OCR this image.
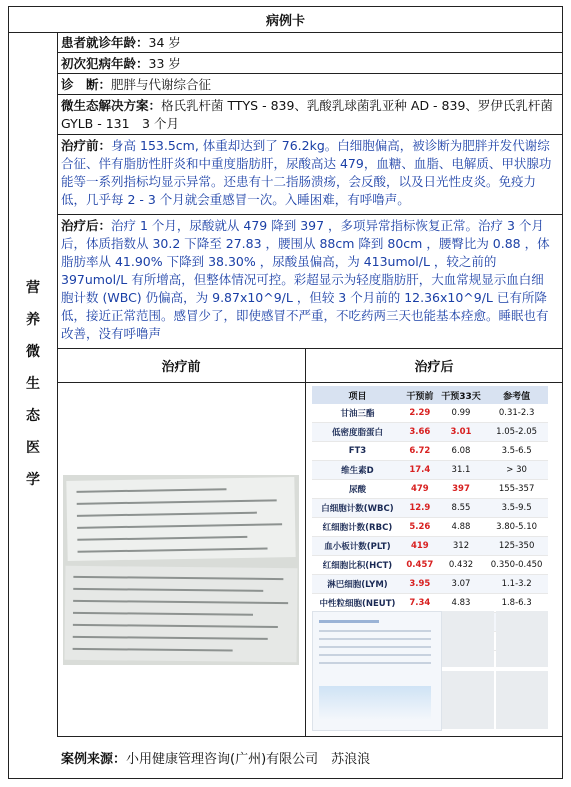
病例卡
营
养
微
生
态
医
学
患者就诊年龄：34 岁
初次犯病年龄：33 岁
诊　断：肥胖与代谢综合征
微生态解决方案：格氏乳杆菌 TTYS - 839、乳酸乳球菌乳亚种 AD - 839、罗伊氏乳杆菌 GYLB - 131　3 个月
治疗前：身高 153.5cm, 体重却达到了 76.2kg。白细胞偏高，被诊断为肥胖并发代谢综合征、伴有脂肪性肝炎和中重度脂肪肝，尿酸高达 479，血糖、血脂、电解质、甲状腺功能等一系列指标均显示异常。还患有十二指肠溃疡，会反酸，以及日光性皮炎。免疫力低，几乎每 2 - 3 个月就会重感冒一次。入睡困难，有呼噜声。
治疗后：治疗 1 个月，尿酸就从 479 降到 397 ，多项异常指标恢复正常。治疗 3 个月后，体质指数从 30.2 下降至 27.83 ，腰围从 88cm 降到 80cm ，腰臀比为 0.88 ，体脂肪率从 41.90% 下降到 38.30% ，尿酸虽偏高，为 413umol/L ，较之前的 397umol/L 有所增高，但整体情况可控。彩超显示为轻度脂肪肝，大血常规显示血白细胞计数 (WBC) 仍偏高，为 9.87x10^9/L ，但较 3 个月前的 12.36x10^9/L 已有所降低，接近正常范围。感冒少了，即使感冒不严重，不吃药两三天也能基本痊愈。睡眠也有改善，没有呼噜声
治疗前	治疗后
项目	干预前	干预33天	参考值
甘油三酯	2.29	0.99	0.31-2.3
低密度脂蛋白	3.66	3.01	1.05-2.05
FT3	6.72	6.08	3.5-6.5
维生素D	17.4	31.1	> 30
尿酸	479	397	155-357
白细胞计数(WBC)	12.9	8.55	3.5-9.5
红细胞计数(RBC)	5.26	4.88	3.80-5.10
血小板计数(PLT)	419	312	125-350
红细胞比积(HCT)	0.457	0.432	0.350-0.450
淋巴细胞(LYM)	3.95	3.07	1.1-3.2
中性粒细胞(NEUT)	7.34	4.83	1.8-6.3

案例来源： 小用健康管理咨询(广州)有限公司　苏浪浪
